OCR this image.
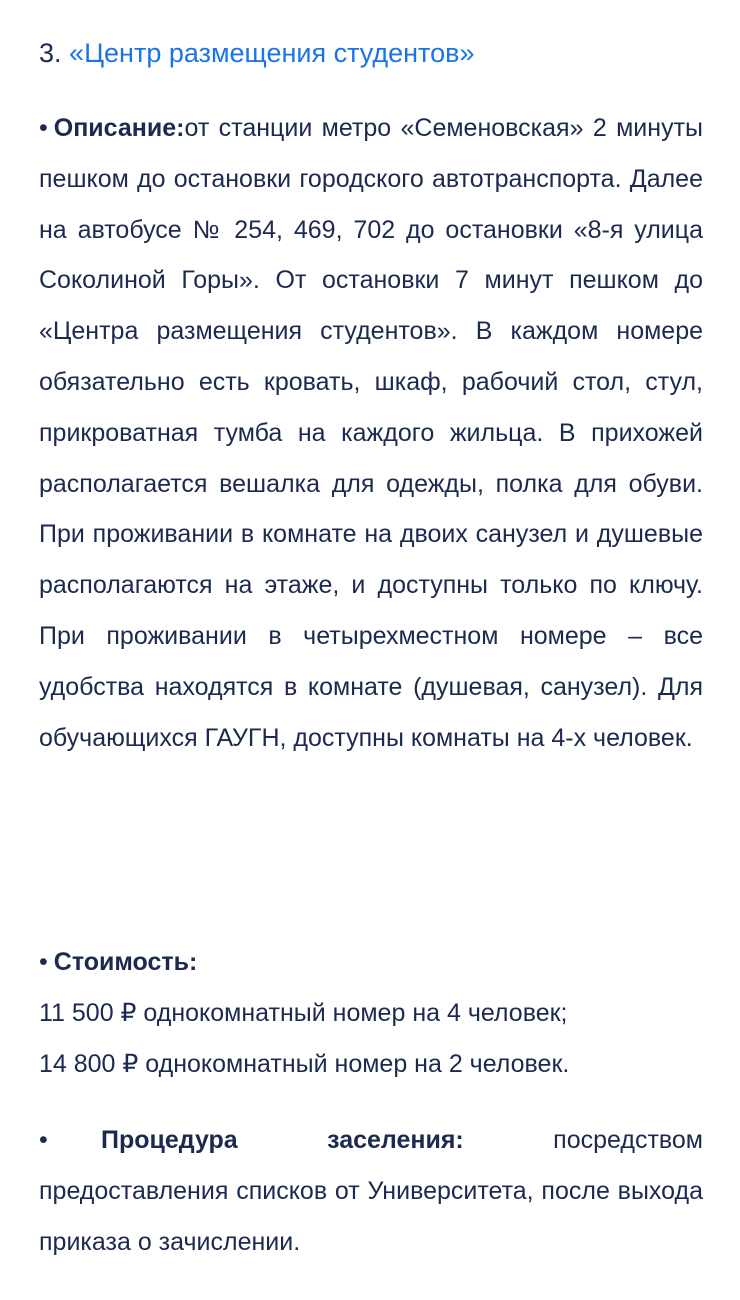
3. «Центр размещения студентов»
• Описание:от станции метро «Семеновская» 2 минуты пешком до остановки городского автотранспорта. Далее на автобусе № 254, 469, 702 до остановки «8-я улица Соколиной Горы». От остановки 7 минут пешком до «Центра размещения студентов». В каждом номере обязательно есть кровать, шкаф, рабочий стол, стул, прикроватная тумба на каждого жильца. В прихожей располагается вешалка для одежды, полка для обуви. При проживании в комнате на двоих санузел и душевые располагаются на этаже, и доступны только по ключу. При проживании в четырехместном номере – все удобства находятся в комнате (душевая, санузел). Для обучающихся ГАУГН, доступны комнаты на 4-х человек.
• Стоимость:
11 500 ₽ однокомнатный номер на 4 человек;
14 800 ₽ однокомнатный номер на 2 человек.
• Процедура заселения:	посредством предоставления списков от Университета, после выхода приказа о зачислении.
